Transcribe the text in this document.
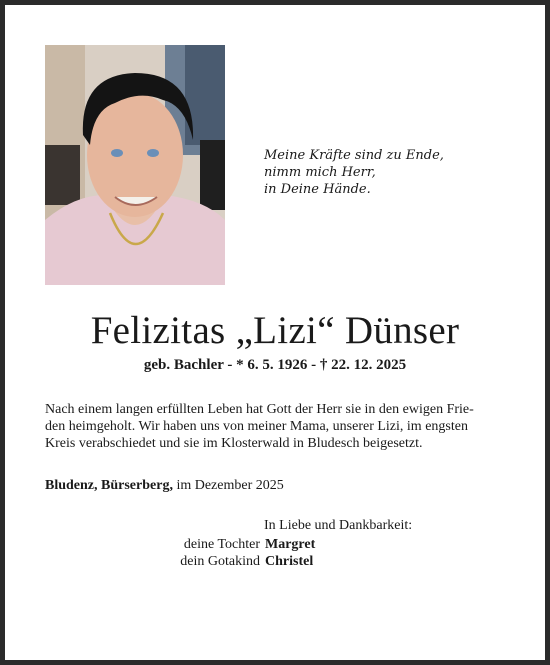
Meine Kräfte sind zu Ende,
nimm mich Herr,
in Deine Hände.
Felizitas „Lizi“ Dünser
geb. Bachler - * 6. 5. 1926 - † 22. 12. 2025
Nach einem langen erfüllten Leben hat Gott der Herr sie in den ewigen Frie-
den heimgeholt. Wir haben uns von meiner Mama, unserer Lizi, im engsten
Kreis verabschiedet und sie im Klosterwald in Bludesch beigesetzt.
Bludenz, Bürserberg, im Dezember 2025
In Liebe und Dankbarkeit:
deine Tochter Margret
dein Gotakind Christel
